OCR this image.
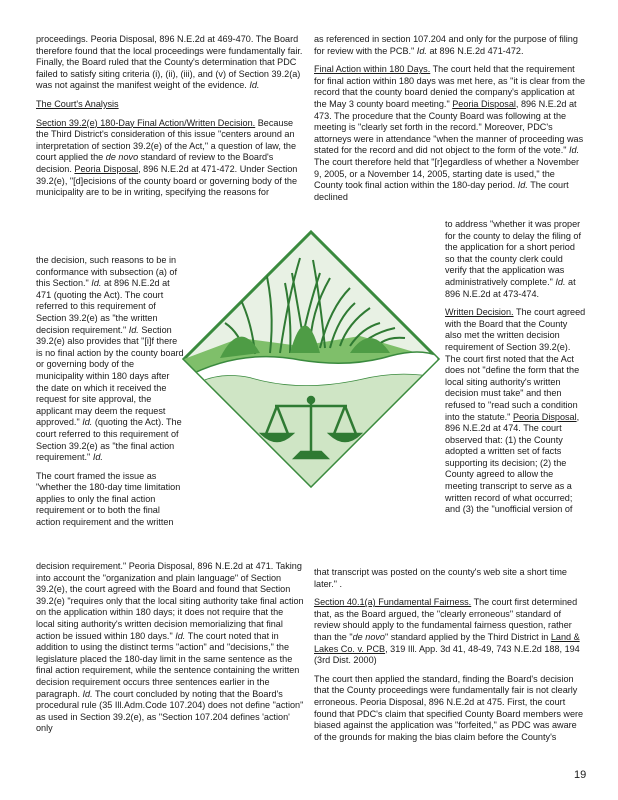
proceedings. Peoria Disposal, 896 N.E.2d at 469-470. The Board therefore found that the local proceedings were fundamentally fair. Finally, the Board ruled that the County's determination that PDC failed to satisfy siting criteria (i), (ii), (iii), and (v) of Section 39.2(a) was not against the manifest weight of the evidence. Id.

The Court's Analysis

Section 39.2(e) 180-Day Final Action/Written Decision. Because the Third District's consideration of this issue "centers around an interpretation of section 39.2(e) of the Act," a question of law, the court applied the de novo standard of review to the Board's decision. Peoria Disposal, 896 N.E.2d at 471-472. Under Section 39.2(e), "[d]ecisions of the county board or governing body of the municipality are to be in writing, specifying the reasons for

the decision, such reasons to be in conformance with subsection (a) of this Section." Id. at 896 N.E.2d at 471 (quoting the Act). The court referred to this requirement of Section 39.2(e) as "the written decision requirement." Id. Section 39.2(e) also provides that "[i]f there is no final action by the county board or governing body of the municipality within 180 days after the date on which it received the request for site approval, the applicant may deem the request approved." Id. (quoting the Act). The court referred to this requirement of Section 39.2(e) as "the final action requirement." Id.

The court framed the issue as "whether the 180-day time limitation applies to only the final action requirement or to both the final action requirement and the written

decision requirement." Peoria Disposal, 896 N.E.2d at 471. Taking into account the "organization and plain language" of Section 39.2(e), the court agreed with the Board and found that Section 39.2(e) "requires only that the local siting authority take final action on the application within 180 days; it does not require that the local siting authority's written decision memorializing that final action be issued within 180 days." Id. The court noted that in addition to using the distinct terms "action" and "decisions," the legislature placed the 180-day limit in the same sentence as the final action requirement, while the sentence containing the written decision requirement occurs three sentences earlier in the paragraph. Id. The court concluded by noting that the Board's procedural rule (35 Ill.Adm.Code 107.204) does not define "action" as used in Section 39.2(e), as "Section 107.204 defines 'action' only

as referenced in section 107.204 and only for the purpose of filing for review with the PCB." Id. at 896 N.E.2d 471-472.

Final Action within 180 Days. The court held that the requirement for final action within 180 days was met here, as "it is clear from the record that the county board denied the company's application at the May 3 county board meeting." Peoria Disposal, 896 N.E.2d at 473. The procedure that the County Board was following at the meeting is "clearly set forth in the record." Moreover, PDC's attorneys were in attendance "when the manner of proceeding was stated for the record and did not object to the form of the vote." Id. The court therefore held that "[r]egardless of whether a November 9, 2005, or a November 14, 2005, starting date is used," the County took final action within the 180-day period. Id. The court declined

to address "whether it was proper for the county to delay the filing of the application for a short period so that the county clerk could verify that the application was administratively complete." Id. at 896 N.E.2d at 473-474.

Written Decision. The court agreed with the Board that the County also met the written decision requirement of Section 39.2(e). The court first noted that the Act does not "define the form that the local siting authority's written decision must take" and then refused to "read such a condition into the statute." Peoria Disposal, 896 N.E.2d at 474. The court observed that: (1) the County adopted a written set of facts supporting its decision; (2) the County agreed to allow the meeting transcript to serve as a written record of what occurred; and (3) the "unofficial version of

that transcript was posted on the county's web site a short time later." .

Section 40.1(a) Fundamental Fairness. The court first determined that, as the Board argued, the "clearly erroneous" standard of review should apply to the fundamental fairness question, rather than the "de novo" standard applied by the Third District in Land & Lakes Co. v. PCB, 319 Ill. App. 3d 41, 48-49, 743 N.E.2d 188, 194 (3rd Dist. 2000)

The court then applied the standard, finding the Board's decision that the County proceedings were fundamentally fair is not clearly erroneous. Peoria Disposal, 896 N.E.2d at 475. First, the court found that PDC's claim that specified County Board members were biased against the application was "forfeited," as PDC was aware of the grounds for making the bias claim before the County's

19
